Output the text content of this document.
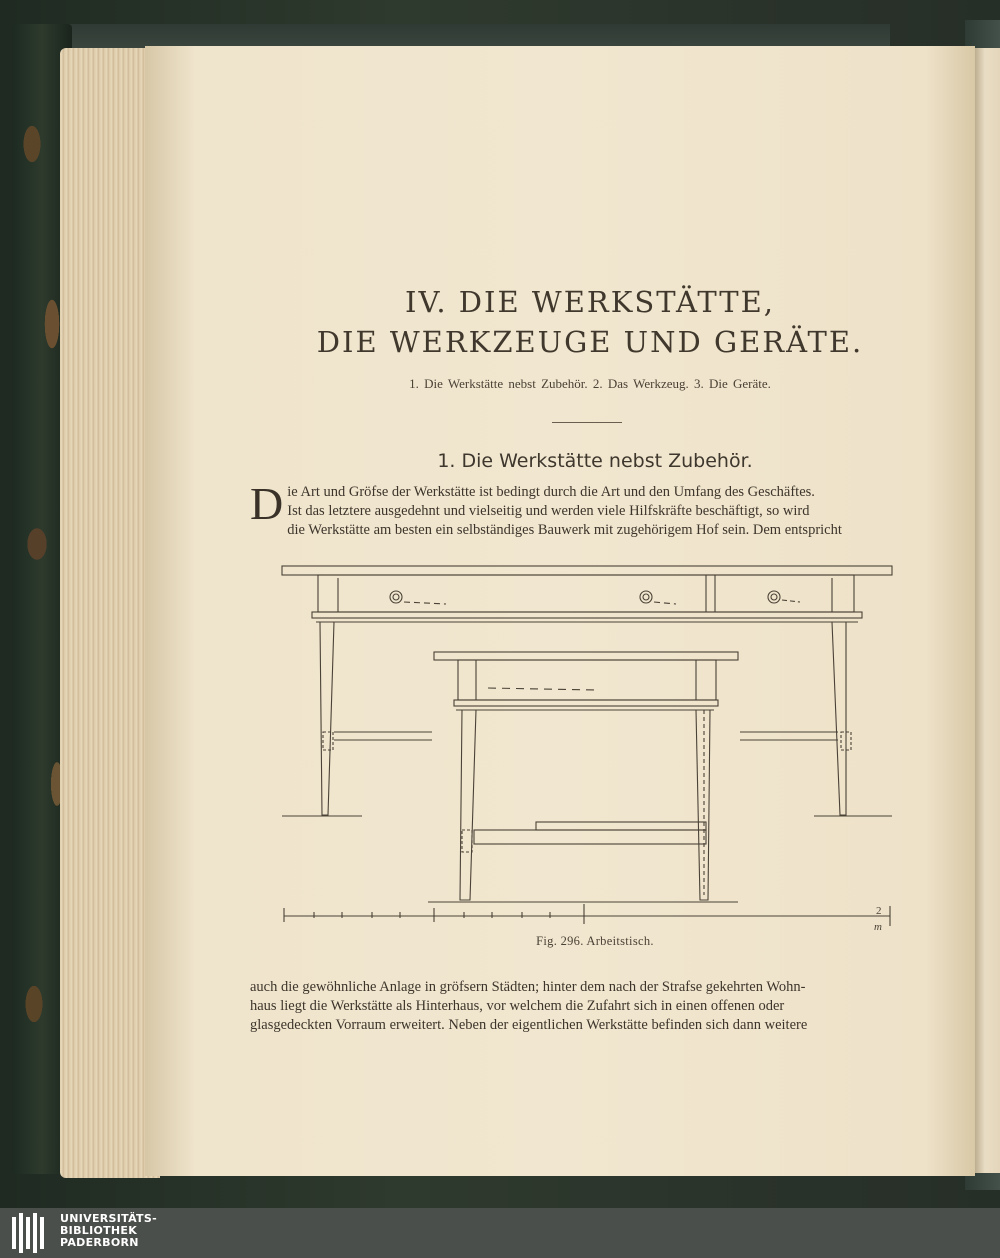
IV. DIE WERKSTÄTTE,
DIE WERKZEUGE UND GERÄTE.
1. Die Werkstätte nebst Zubehör. 2. Das Werkzeug. 3. Die Geräte.
1. Die Werkstätte nebst Zubehör.
D ie Art und Gröfse der Werkstätte ist bedingt durch die Art und den Umfang des Geschäftes.

Ist das letztere ausgedehnt und vielseitig und werden viele Hilfskräfte beschäftigt, so wird

die Werkstätte am besten ein selbständiges Bauwerk mit zugehörigem Hof sein. Dem entspricht

2
m
Fig. 296. Arbeitstisch.

auch die gewöhnliche Anlage in gröfsern Städten; hinter dem nach der Strafse gekehrten Wohn-

haus liegt die Werkstätte als Hinterhaus, vor welchem die Zufahrt sich in einen offenen oder

glasgedeckten Vorraum erweitert. Neben der eigentlichen Werkstätte befinden sich dann weitere

UNIVERSITÄTS-
BIBLIOTHEK
PADERBORN
